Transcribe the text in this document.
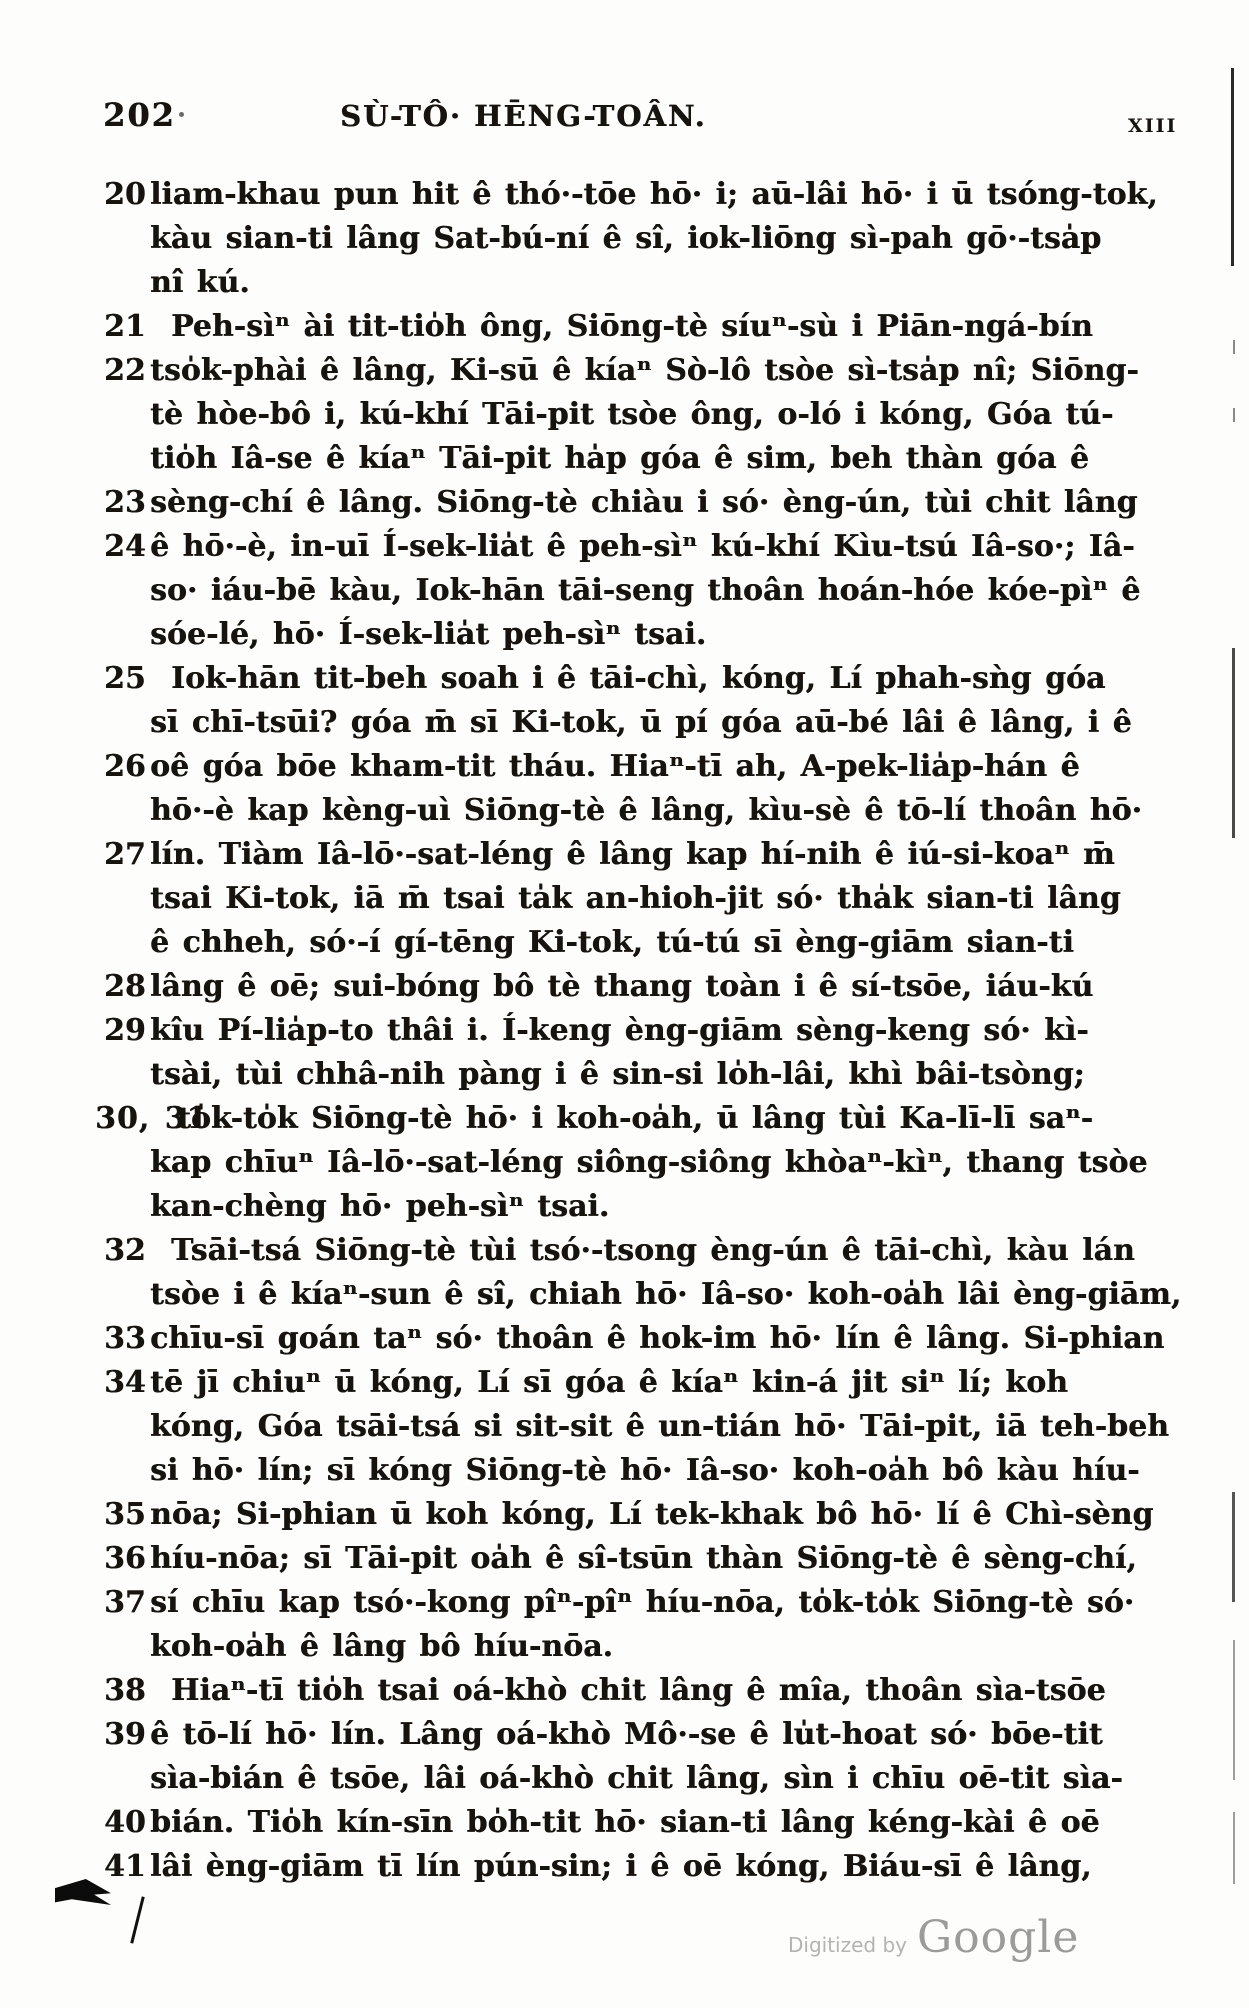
202	SÙ-TÔ· HĒNG-TOÂN.	XIII
20 liam-khau pun hit ê thó·-tōe hō· i; aū-lâi hō· i ū tsóng-tok,
kàu sian-ti lâng Sat-bú-ní ê sî, iok-liōng sì-pah gō·-tsa̍p
nî kú.
21 Peh-sìⁿ ài tit-tio̍h ông, Siōng-tè síuⁿ-sù i Piān-ngá-bín
22 tso̍k-phài ê lâng, Ki-sū ê kíaⁿ Sò-lô tsòe sì-tsa̍p nî; Siōng-
tè hòe-bô i, kú-khí Tāi-pit tsòe ông, o-ló i kóng, Góa tú-
tio̍h Iâ-se ê kíaⁿ Tāi-pit ha̍p góa ê sim, beh thàn góa ê
23 sèng-chí ê lâng. Siōng-tè chiàu i só· èng-ún, tùi chit lâng
24 ê hō·-è, in-uī Í-sek-lia̍t ê peh-sìⁿ kú-khí Kìu-tsú Iâ-so·; Iâ-
so· iáu-bē kàu, Iok-hān tāi-seng thoân hoán-hóe kóe-pìⁿ ê
sóe-lé, hō· Í-sek-lia̍t peh-sìⁿ tsai.
25 Iok-hān tit-beh soah i ê tāi-chì, kóng, Lí phah-sǹg góa
sī chī-tsūi? góa m̄ sī Ki-tok, ū pí góa aū-bé lâi ê lâng, i ê
26 oê góa bōe kham-tit tháu. Hiaⁿ-tī ah, A-pek-lia̍p-hán ê
hō·-è kap kèng-uì Siōng-tè ê lâng, kìu-sè ê tō-lí thoân hō·
27 lín. Tiàm Iâ-lō·-sat-léng ê lâng kap hí-nih ê iú-si-koaⁿ m̄
tsai Ki-tok, iā m̄ tsai ta̍k an-hioh-jit só· tha̍k sian-ti lâng
ê chheh, só·-í gí-tēng Ki-tok, tú-tú sī èng-giām sian-ti
28 lâng ê oē; sui-bóng bô tè thang toàn i ê sí-tsōe, iáu-kú
29 kîu Pí-lia̍p-to thâi i. Í-keng èng-giām sèng-keng só· kì-
tsài, tùi chhâ-nih pàng i ê sin-si lo̍h-lâi, khì bâi-tsòng;
30, 31
to̍k-to̍k Siōng-tè hō· i koh-oa̍h, ū lâng tùi Ka-lī-lī saⁿ-
kap chīuⁿ Iâ-lō·-sat-léng siông-siông khòaⁿ-kìⁿ, thang tsòe
kan-chèng hō· peh-sìⁿ tsai.
32 Tsāi-tsá Siōng-tè tùi tsó·-tsong èng-ún ê tāi-chì, kàu lán
tsòe i ê kíaⁿ-sun ê sî, chiah hō· Iâ-so· koh-oa̍h lâi èng-giām,
33 chīu-sī goán taⁿ só· thoân ê hok-im hō· lín ê lâng. Si-phian
34 tē jī chiuⁿ ū kóng, Lí sī góa ê kíaⁿ kin-á jit siⁿ lí; koh
kóng, Góa tsāi-tsá si sit-sit ê un-tián hō· Tāi-pit, iā teh-beh
si hō· lín; sī kóng Siōng-tè hō· Iâ-so· koh-oa̍h bô kàu híu-
35 nōa; Si-phian ū koh kóng, Lí tek-khak bô hō· lí ê Chì-sèng
36 híu-nōa; sī Tāi-pit oa̍h ê sî-tsūn thàn Siōng-tè ê sèng-chí,
37 sí chīu kap tsó·-kong pîⁿ-pîⁿ híu-nōa, to̍k-to̍k Siōng-tè só·
koh-oa̍h ê lâng bô híu-nōa.
38 Hiaⁿ-tī tio̍h tsai oá-khò chit lâng ê mîa, thoân sìa-tsōe
39 ê tō-lí hō· lín. Lâng oá-khò Mô·-se ê lu̍t-hoat só· bōe-tit
sìa-bián ê tsōe, lâi oá-khò chit lâng, sìn i chīu oē-tit sìa-
40 bián. Tio̍h kín-sīn bo̍h-tit hō· sian-ti lâng kéng-kài ê oē
41 lâi èng-giām tī lín pún-sin; i ê oē kóng, Biáu-sī ê lâng,
Digitized by Google
